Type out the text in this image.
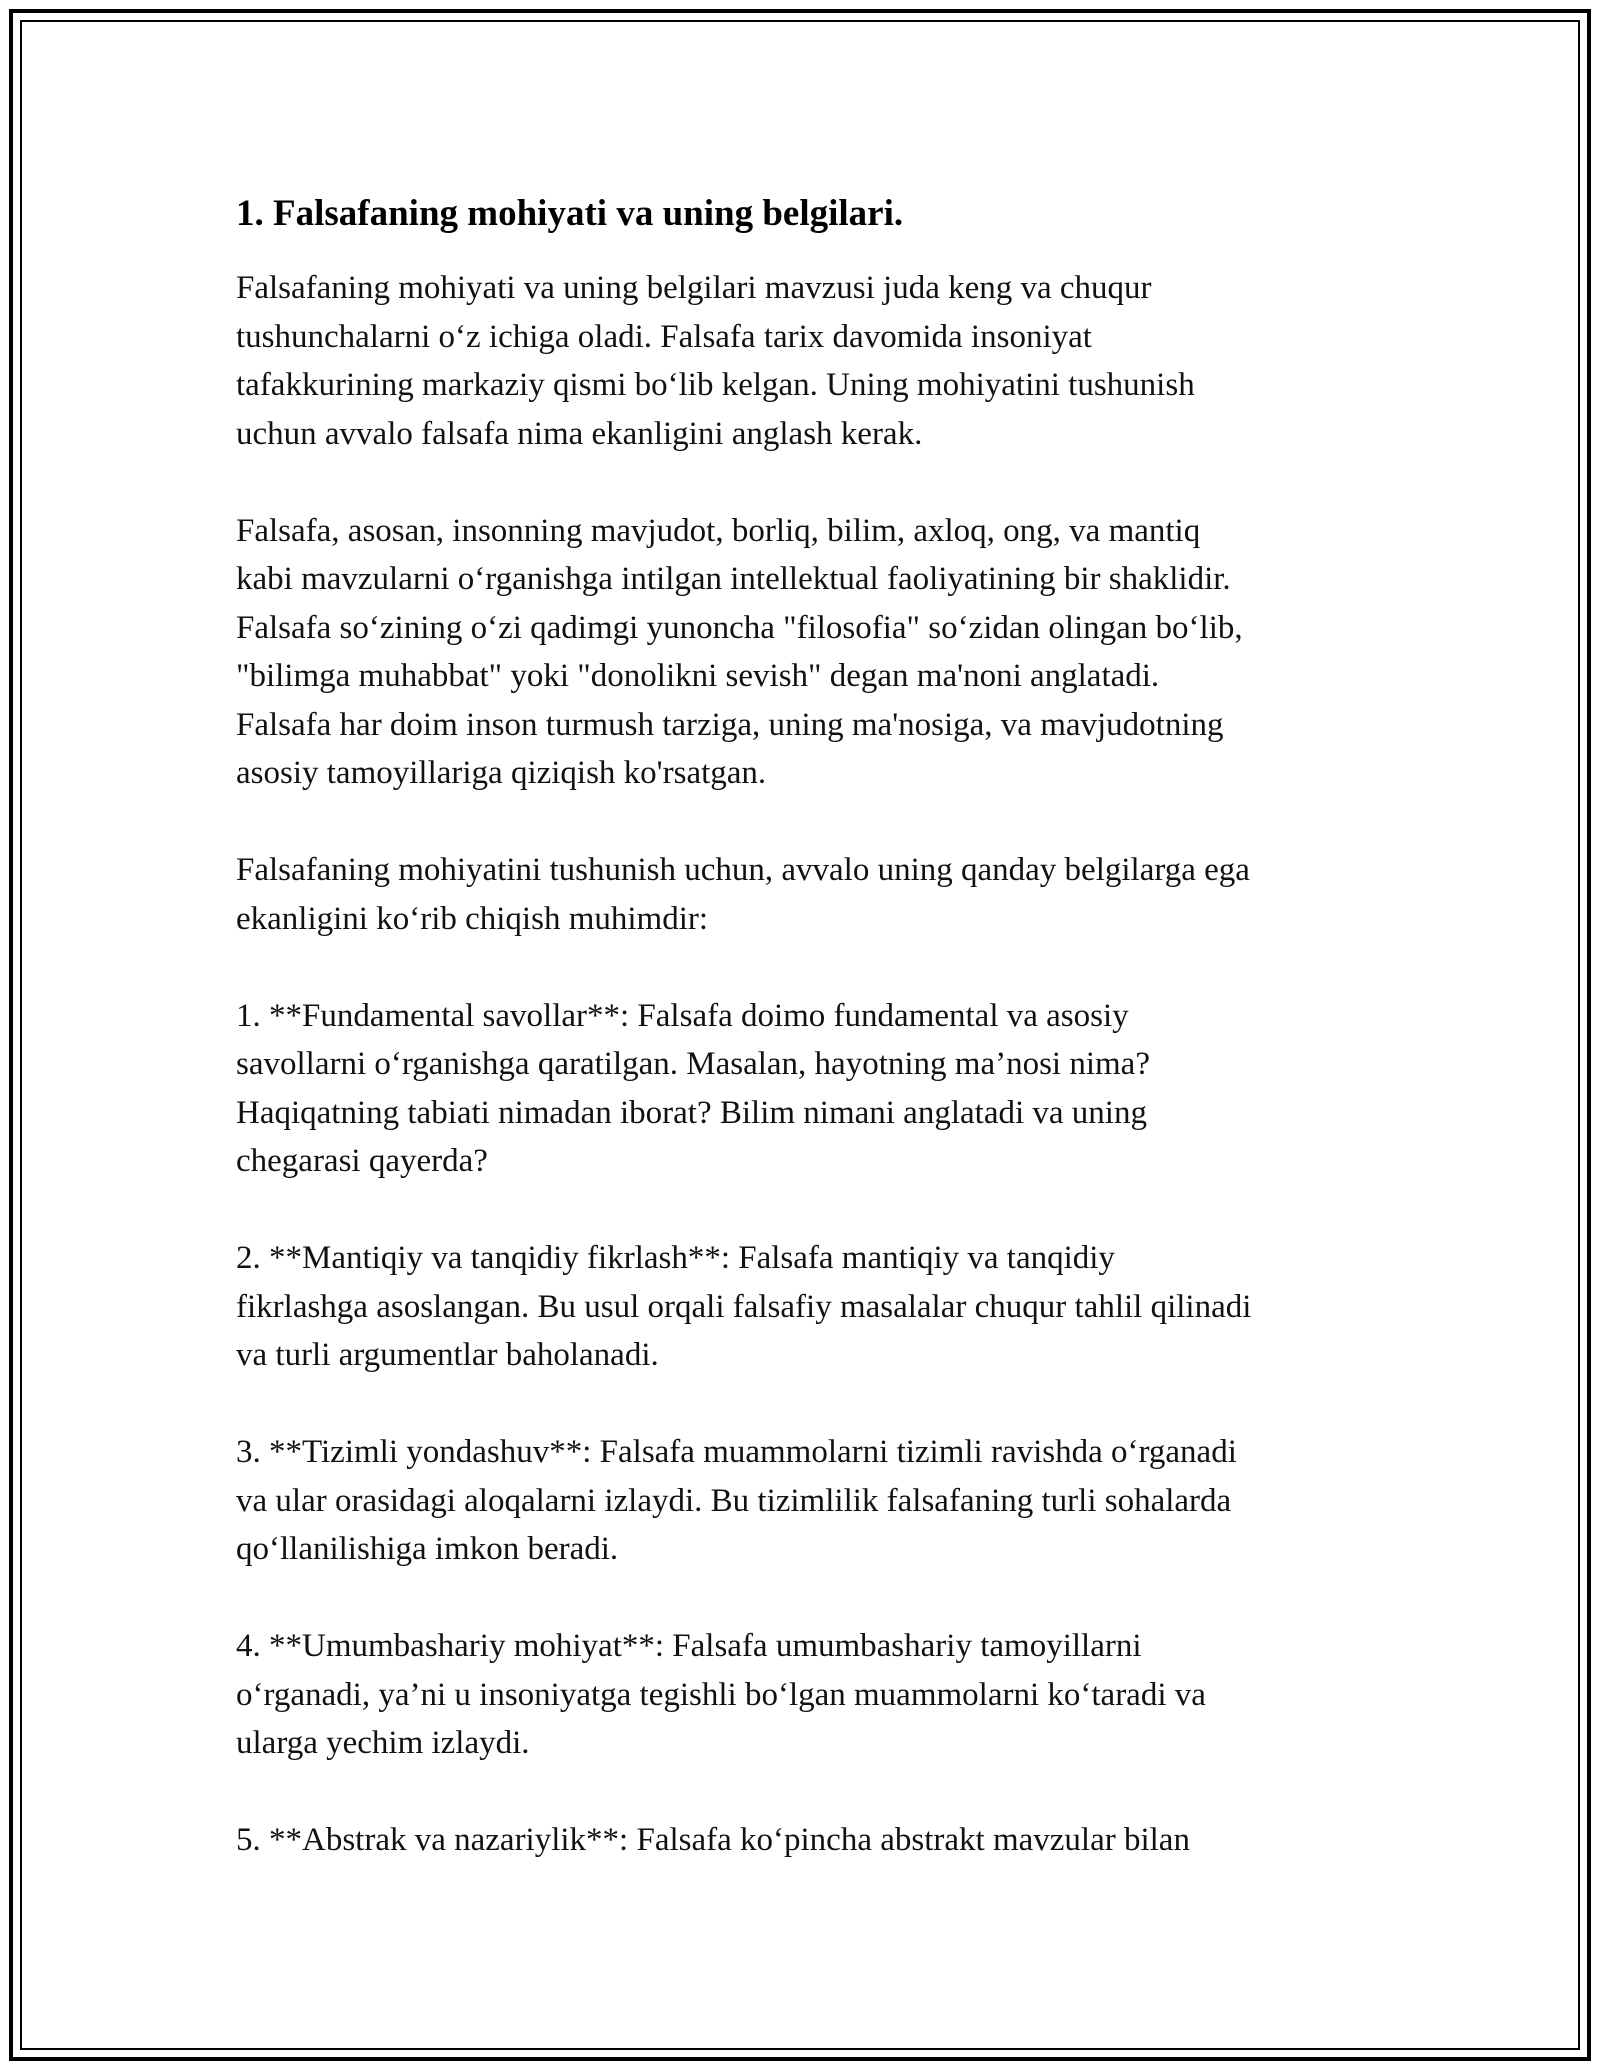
1. Falsafaning mohiyati va uning belgilari.

Falsafaning mohiyati va uning belgilari mavzusi juda keng va chuqur
tushunchalarni o‘z ichiga oladi. Falsafa tarix davomida insoniyat
tafakkurining markaziy qismi bo‘lib kelgan. Uning mohiyatini tushunish
uchun avvalo falsafa nima ekanligini anglash kerak.

Falsafa, asosan, insonning mavjudot, borliq, bilim, axloq, ong, va mantiq
kabi mavzularni o‘rganishga intilgan intellektual faoliyatining bir shaklidir.
Falsafa so‘zining o‘zi qadimgi yunoncha "filosofia" so‘zidan olingan bo‘lib,
"bilimga muhabbat" yoki "donolikni sevish" degan ma'noni anglatadi.
Falsafa har doim inson turmush tarziga, uning ma'nosiga, va mavjudotning
asosiy tamoyillariga qiziqish ko'rsatgan.

Falsafaning mohiyatini tushunish uchun, avvalo uning qanday belgilarga ega
ekanligini ko‘rib chiqish muhimdir:

1. **Fundamental savollar**: Falsafa doimo fundamental va asosiy
savollarni o‘rganishga qaratilgan. Masalan, hayotning ma’nosi nima?
Haqiqatning tabiati nimadan iborat? Bilim nimani anglatadi va uning
chegarasi qayerda?

2. **Mantiqiy va tanqidiy fikrlash**: Falsafa mantiqiy va tanqidiy
fikrlashga asoslangan. Bu usul orqali falsafiy masalalar chuqur tahlil qilinadi
va turli argumentlar baholanadi.

3. **Tizimli yondashuv**: Falsafa muammolarni tizimli ravishda o‘rganadi
va ular orasidagi aloqalarni izlaydi. Bu tizimlilik falsafaning turli sohalarda
qo‘llanilishiga imkon beradi.

4. **Umumbashariy mohiyat**: Falsafa umumbashariy tamoyillarni
o‘rganadi, ya’ni u insoniyatga tegishli bo‘lgan muammolarni ko‘taradi va
ularga yechim izlaydi.

5. **Abstrak va nazariylik**: Falsafa ko‘pincha abstrakt mavzular bilan
